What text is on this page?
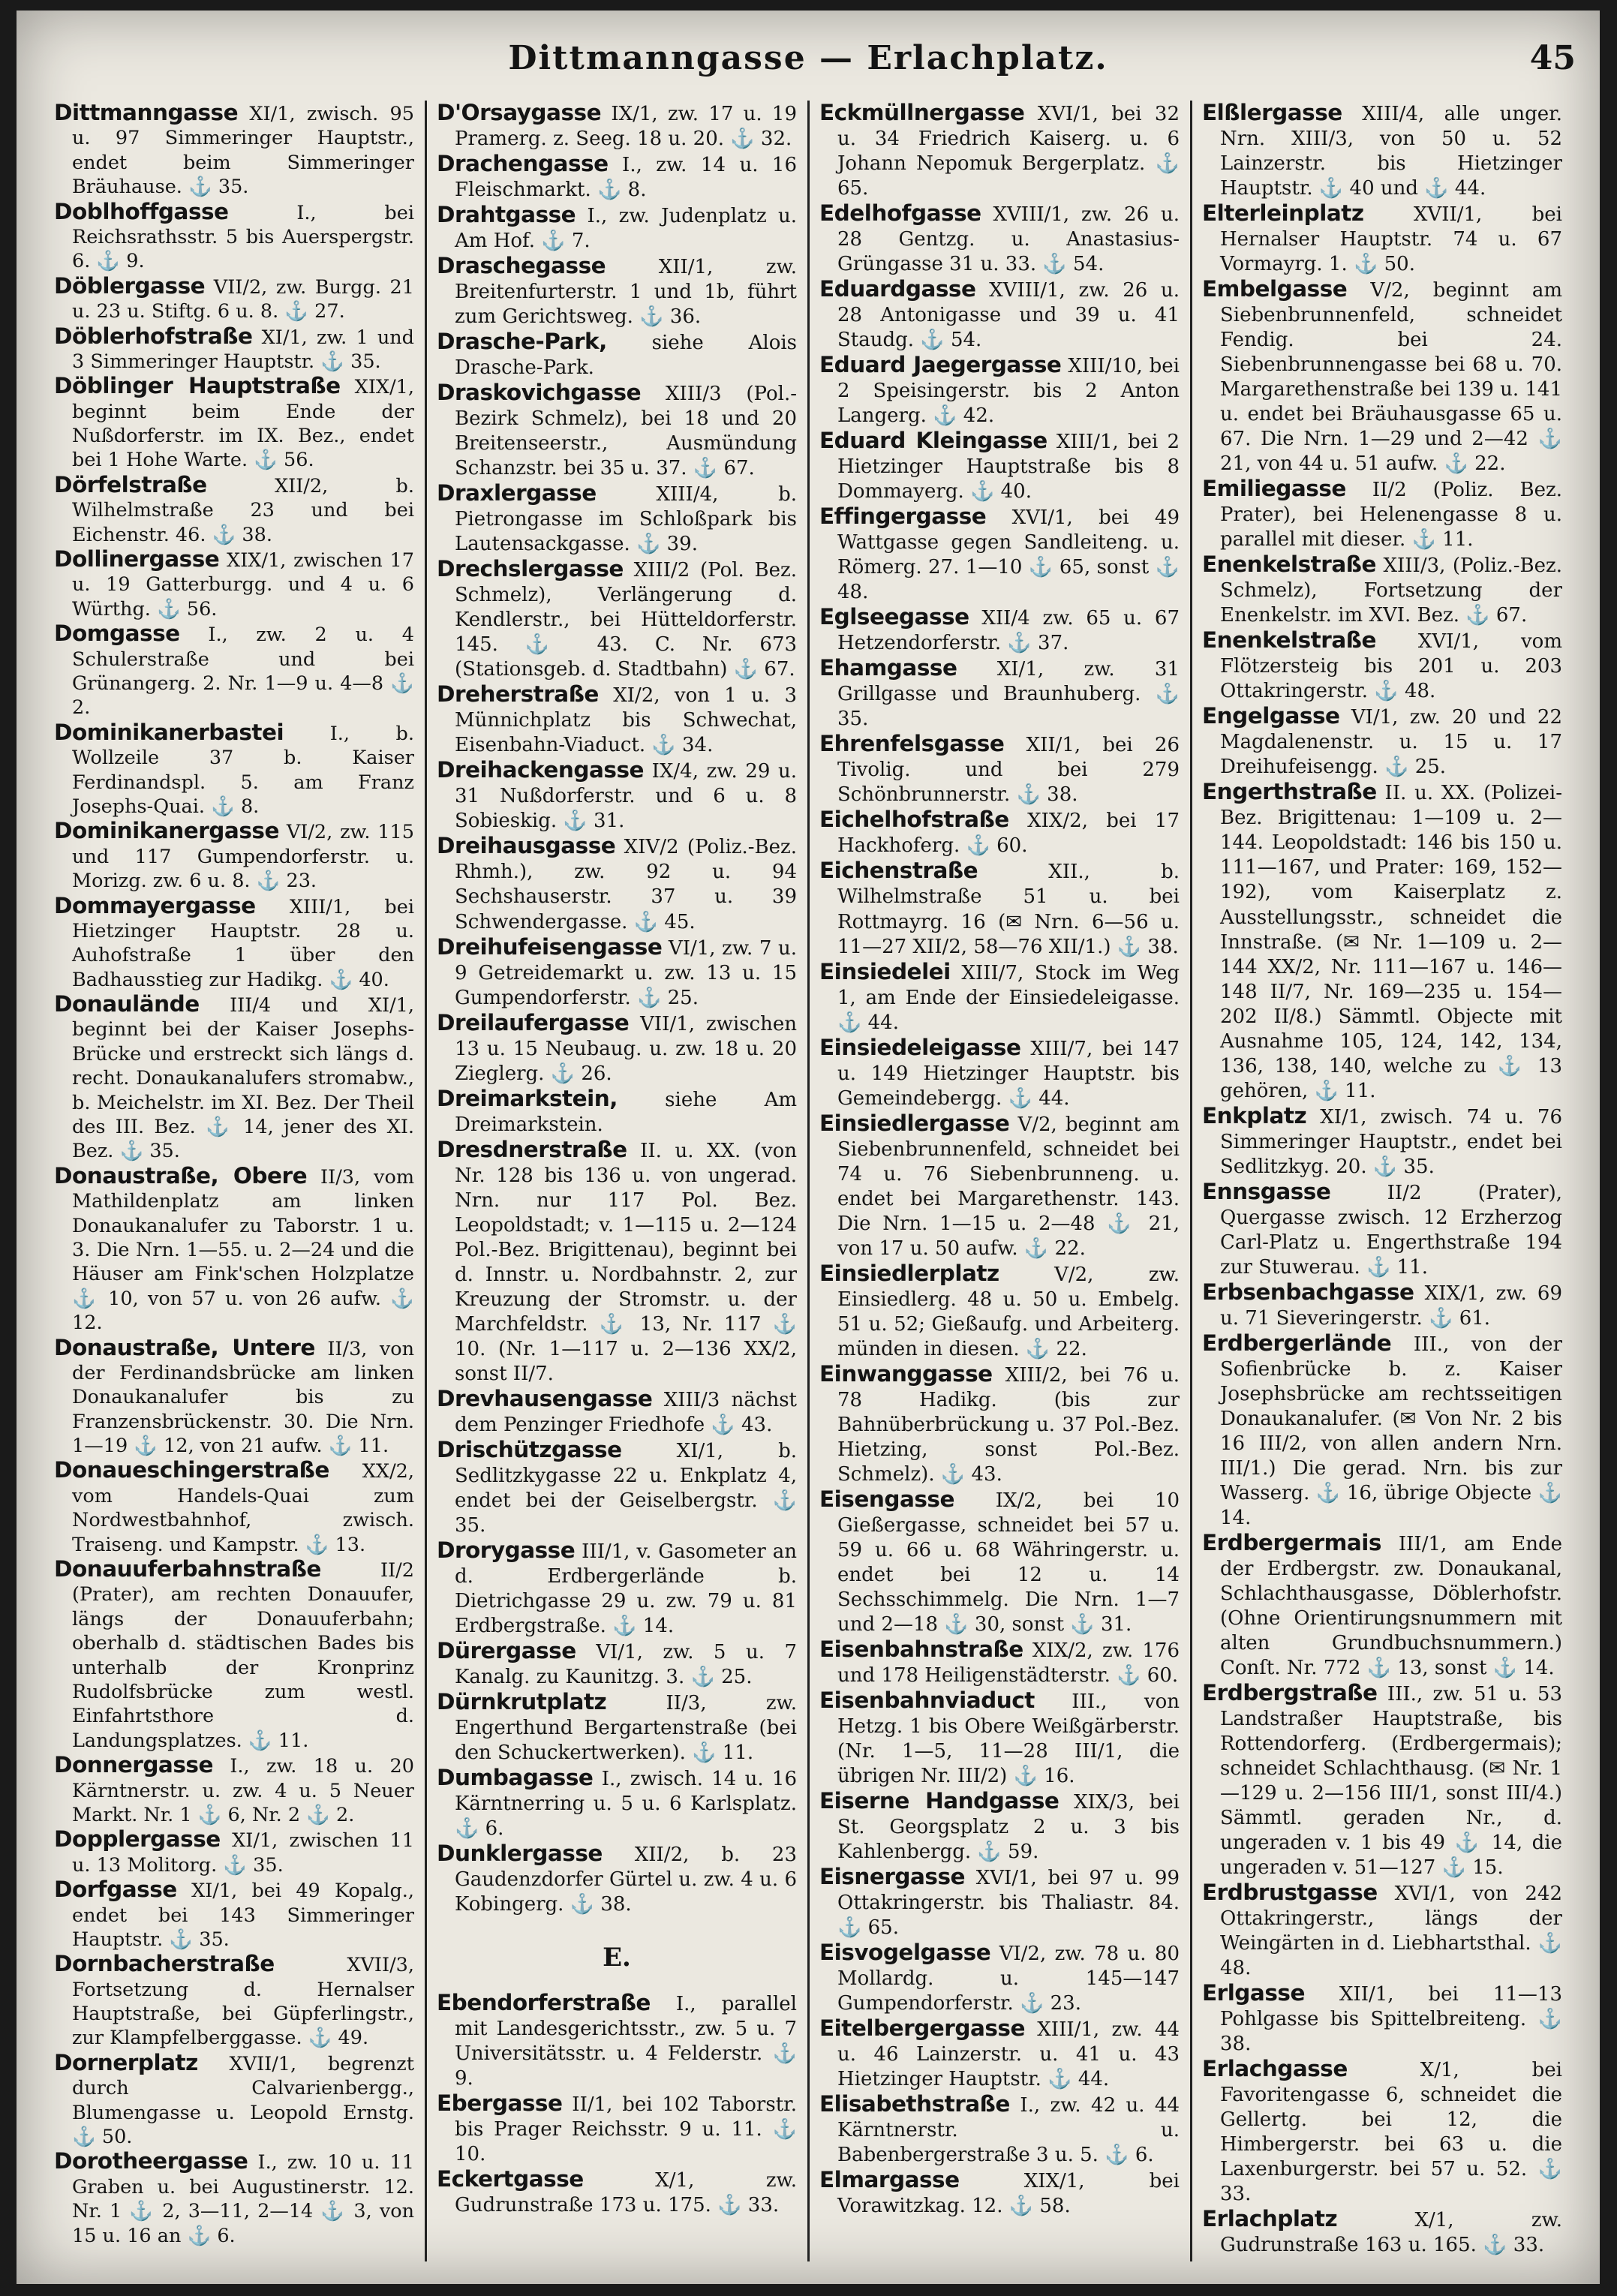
Dittmanngasse — Erlachplatz.	45

Dittmanngasse XI/1, zwisch. 95 u. 97 Simmeringer Hauptstr., endet beim Simmeringer Bräuhause. ⚓ 35.

Doblhoffgasse I., bei Reichsrathsstr. 5 bis Auerspergstr. 6. ⚓ 9.

Döblergasse VII/2, zw. Burgg. 21 u. 23 u. Stiftg. 6 u. 8. ⚓ 27.

Döblerhofstraße XI/1, zw. 1 und 3 Simmeringer Hauptstr. ⚓ 35.

Döblinger Hauptstraße XIX/1, beginnt beim Ende der Nußdorferstr. im IX. Bez., endet bei 1 Hohe Warte. ⚓ 56.

Dörfelstraße XII/2, b. Wilhelmstraße 23 und bei Eichenstr. 46. ⚓ 38.

Dollinergasse XIX/1, zwischen 17 u. 19 Gatterburgg. und 4 u. 6 Würthg. ⚓ 56.

Domgasse I., zw. 2 u. 4 Schulerstraße und bei Grünangerg. 2. Nr. 1—9 u. 4—8 ⚓ 2.

Dominikanerbastei I., b. Wollzeile 37 b. Kaiser Ferdinandspl. 5. am Franz Josephs-Quai. ⚓ 8.

Dominikanergasse VI/2, zw. 115 und 117 Gumpendorferstr. u. Morizg. zw. 6 u. 8. ⚓ 23.

Dommayergasse XIII/1, bei Hietzinger Hauptstr. 28 u. Auhofstraße 1 über den Badhausstieg zur Hadikg. ⚓ 40.

Donaulände III/4 und XI/1, beginnt bei der Kaiser Josephs-Brücke und erstreckt sich längs d. recht. Donaukanalufers stromabw., b. Meichelstr. im XI. Bez. Der Theil des III. Bez. ⚓ 14, jener des XI. Bez. ⚓ 35.

Donaustraße, Obere II/3, vom Mathildenplatz am linken Donaukanalufer zu Taborstr. 1 u. 3. Die Nrn. 1—55. u. 2—24 und die Häuser am Fink'schen Holzplatze ⚓ 10, von 57 u. von 26 aufw. ⚓ 12.

Donaustraße, Untere II/3, von der Ferdinandsbrücke am linken Donaukanalufer bis zu Franzensbrückenstr. 30. Die Nrn. 1—19 ⚓ 12, von 21 aufw. ⚓ 11.

Donaueschingerstraße XX/2, vom Handels-Quai zum Nordwestbahnhof, zwisch. Traiseng. und Kampstr. ⚓ 13.

Donauuferbahnstraße II/2 (Prater), am rechten Donauufer, längs der Donauuferbahn; oberhalb d. städtischen Bades bis unterhalb der Kronprinz Rudolfsbrücke zum westl. Einfahrtsthore d. Landungsplatzes. ⚓ 11.

Donnergasse I., zw. 18 u. 20 Kärntnerstr. u. zw. 4 u. 5 Neuer Markt. Nr. 1 ⚓ 6, Nr. 2 ⚓ 2.

Dopplergasse XI/1, zwischen 11 u. 13 Molitorg. ⚓ 35.

Dorfgasse XI/1, bei 49 Kopalg., endet bei 143 Simmeringer Hauptstr. ⚓ 35.

Dornbacherstraße XVII/3, Fortsetzung d. Hernalser Hauptstraße, bei Güpferlingstr., zur Klampfelberggasse. ⚓ 49.

Dornerplatz XVII/1, begrenzt durch Calvarienbergg., Blumengasse u. Leopold Ernstg. ⚓ 50.

Dorotheergasse I., zw. 10 u. 11 Graben u. bei Augustinerstr. 12. Nr. 1 ⚓ 2, 3—11, 2—14 ⚓ 3, von 15 u. 16 an ⚓ 6.

D'Orsaygasse IX/1, zw. 17 u. 19 Pramerg. z. Seeg. 18 u. 20. ⚓ 32.

Drachengasse I., zw. 14 u. 16 Fleischmarkt. ⚓ 8.

Drahtgasse I., zw. Judenplatz u. Am Hof. ⚓ 7.

Draschegasse XII/1, zw. Breitenfurterstr. 1 und 1b, führt zum Gerichtsweg. ⚓ 36.

Drasche-Park, siehe Alois Drasche-Park.

Draskovichgasse XIII/3 (Pol.-Bezirk Schmelz), bei 18 und 20 Breitenseerstr., Ausmündung Schanzstr. bei 35 u. 37. ⚓ 67.

Draxlergasse XIII/4, b. Pietrongasse im Schloßpark bis Lautensackgasse. ⚓ 39.

Drechslergasse XIII/2 (Pol. Bez. Schmelz), Verlängerung d. Kendlerstr., bei Hütteldorferstr. 145. ⚓ 43. C. Nr. 673 (Stationsgeb. d. Stadtbahn) ⚓ 67.

Dreherstraße XI/2, von 1 u. 3 Münnichplatz bis Schwechat, Eisenbahn-Viaduct. ⚓ 34.

Dreihackengasse IX/4, zw. 29 u. 31 Nußdorferstr. und 6 u. 8 Sobieskig. ⚓ 31.

Dreihausgasse XIV/2 (Poliz.-Bez. Rhmh.), zw. 92 u. 94 Sechshauserstr. 37 u. 39 Schwendergasse. ⚓ 45.

Dreihufeisengasse VI/1, zw. 7 u. 9 Getreidemarkt u. zw. 13 u. 15 Gumpendorferstr. ⚓ 25.

Dreilaufergasse VII/1, zwischen 13 u. 15 Neubaug. u. zw. 18 u. 20 Zieglerg. ⚓ 26.

Dreimarkstein, siehe Am Dreimarkstein.

Dresdnerstraße II. u. XX. (von Nr. 128 bis 136 u. von ungerad. Nrn. nur 117 Pol. Bez. Leopoldstadt; v. 1—115 u. 2—124 Pol.-Bez. Brigittenau), beginnt bei d. Innstr. u. Nordbahnstr. 2, zur Kreuzung der Stromstr. u. der Marchfeldstr. ⚓ 13, Nr. 117 ⚓ 10. (Nr. 1—117 u. 2—136 XX/2, sonst II/7.

Drevhausengasse XIII/3 nächst dem Penzinger Friedhofe ⚓ 43.

Drischützgasse XI/1, b. Sedlitzkygasse 22 u. Enkplatz 4, endet bei der Geiselbergstr. ⚓ 35.

Drorygasse III/1, v. Gasometer an d. Erdbergerlände b. Dietrichgasse 29 u. zw. 79 u. 81 Erdbergstraße. ⚓ 14.

Dürergasse VI/1, zw. 5 u. 7 Kanalg. zu Kaunitzg. 3. ⚓ 25.

Dürnkrutplatz II/3, zw. Engerthund Bergartenstraße (bei den Schuckertwerken). ⚓ 11.

Dumbagasse I., zwisch. 14 u. 16 Kärntnerring u. 5 u. 6 Karlsplatz. ⚓ 6.

Dunklergasse XII/2, b. 23 Gaudenzdorfer Gürtel u. zw. 4 u. 6 Kobingerg. ⚓ 38.

E.

Ebendorferstraße I., parallel mit Landesgerichtsstr., zw. 5 u. 7 Universitätsstr. u. 4 Felderstr. ⚓ 9.

Ebergasse II/1, bei 102 Taborstr. bis Prager Reichsstr. 9 u. 11. ⚓ 10.

Eckertgasse X/1, zw. Gudrunstraße 173 u. 175. ⚓ 33.

Eckmüllnergasse XVI/1, bei 32 u. 34 Friedrich Kaiserg. u. 6 Johann Nepomuk Bergerplatz. ⚓ 65.

Edelhofgasse XVIII/1, zw. 26 u. 28 Gentzg. u. Anastasius-Grüngasse 31 u. 33. ⚓ 54.

Eduardgasse XVIII/1, zw. 26 u. 28 Antonigasse und 39 u. 41 Staudg. ⚓ 54.

Eduard Jaegergasse XIII/10, bei 2 Speisingerstr. bis 2 Anton Langerg. ⚓ 42.

Eduard Kleingasse XIII/1, bei 2 Hietzinger Hauptstraße bis 8 Dommayerg. ⚓ 40.

Effingergasse XVI/1, bei 49 Wattgasse gegen Sandleiteng. u. Römerg. 27. 1—10 ⚓ 65, sonst ⚓ 48.

Eglseegasse XII/4 zw. 65 u. 67 Hetzendorferstr. ⚓ 37.

Ehamgasse XI/1, zw. 31 Grillgasse und Braunhuberg. ⚓ 35.

Ehrenfelsgasse XII/1, bei 26 Tivolig. und bei 279 Schönbrunnerstr. ⚓ 38.

Eichelhofstraße XIX/2, bei 17 Hackhoferg. ⚓ 60.

Eichenstraße XII., b. Wilhelmstraße 51 u. bei Rottmayrg. 16 (✉ Nrn. 6—56 u. 11—27 XII/2, 58—76 XII/1.) ⚓ 38.

Einsiedelei XIII/7, Stock im Weg 1, am Ende der Einsiedeleigasse. ⚓ 44.

Einsiedeleigasse XIII/7, bei 147 u. 149 Hietzinger Hauptstr. bis Gemeindebergg. ⚓ 44.

Einsiedlergasse V/2, beginnt am Siebenbrunnenfeld, schneidet bei 74 u. 76 Siebenbrunneng. u. endet bei Margarethenstr. 143. Die Nrn. 1—15 u. 2—48 ⚓ 21, von 17 u. 50 aufw. ⚓ 22.

Einsiedlerplatz V/2, zw. Einsiedlerg. 48 u. 50 u. Embelg. 51 u. 52; Gießaufg. und Arbeiterg. münden in diesen. ⚓ 22.

Einwanggasse XIII/2, bei 76 u. 78 Hadikg. (bis zur Bahnüberbrückung u. 37 Pol.-Bez. Hietzing, sonst Pol.-Bez. Schmelz). ⚓ 43.

Eisengasse IX/2, bei 10 Gießergasse, schneidet bei 57 u. 59 u. 66 u. 68 Währingerstr. u. endet bei 12 u. 14 Sechsschimmelg. Die Nrn. 1—7 und 2—18 ⚓ 30, sonst ⚓ 31.

Eisenbahnstraße XIX/2, zw. 176 und 178 Heiligenstädterstr. ⚓ 60.

Eisenbahnviaduct III., von Hetzg. 1 bis Obere Weißgärberstr. (Nr. 1—5, 11—28 III/1, die übrigen Nr. III/2) ⚓ 16.

Eiserne Handgasse XIX/3, bei St. Georgsplatz 2 u. 3 bis Kahlenbergg. ⚓ 59.

Eisnergasse XVI/1, bei 97 u. 99 Ottakringerstr. bis Thaliastr. 84. ⚓ 65.

Eisvogelgasse VI/2, zw. 78 u. 80 Mollardg. u. 145—147 Gumpendorferstr. ⚓ 23.

Eitelbergergasse XIII/1, zw. 44 u. 46 Lainzerstr. u. 41 u. 43 Hietzinger Hauptstr. ⚓ 44.

Elisabethstraße I., zw. 42 u. 44 Kärntnerstr. u. Babenbergerstraße 3 u. 5. ⚓ 6.

Elmargasse XIX/1, bei Vorawitzkag. 12. ⚓ 58.

Elßlergasse XIII/4, alle unger. Nrn. XIII/3, von 50 u. 52 Lainzerstr. bis Hietzinger Hauptstr. ⚓ 40 und ⚓ 44.

Elterleinplatz XVII/1, bei Hernalser Hauptstr. 74 u. 67 Vormayrg. 1. ⚓ 50.

Embelgasse V/2, beginnt am Siebenbrunnenfeld, schneidet Fendig. bei 24. Siebenbrunnengasse bei 68 u. 70. Margarethenstraße bei 139 u. 141 u. endet bei Bräuhausgasse 65 u. 67. Die Nrn. 1—29 und 2—42 ⚓ 21, von 44 u. 51 aufw. ⚓ 22.

Emiliegasse II/2 (Poliz. Bez. Prater), bei Helenengasse 8 u. parallel mit dieser. ⚓ 11.

Enenkelstraße XIII/3, (Poliz.-Bez. Schmelz), Fortsetzung der Enenkelstr. im XVI. Bez. ⚓ 67.

Enenkelstraße XVI/1, vom Flötzersteig bis 201 u. 203 Ottakringerstr. ⚓ 48.

Engelgasse VI/1, zw. 20 und 22 Magdalenenstr. u. 15 u. 17 Dreihufeisengg. ⚓ 25.

Engerthstraße II. u. XX. (Polizei-Bez. Brigittenau: 1—109 u. 2—144. Leopoldstadt: 146 bis 150 u. 111—167, und Prater: 169, 152—192), vom Kaiserplatz z. Ausstellungsstr., schneidet die Innstraße. (✉ Nr. 1—109 u. 2—144 XX/2, Nr. 111—167 u. 146—148 II/7, Nr. 169—235 u. 154—202 II/8.) Sämmtl. Objecte mit Ausnahme 105, 124, 142, 134, 136, 138, 140, welche zu ⚓ 13 gehören, ⚓ 11.

Enkplatz XI/1, zwisch. 74 u. 76 Simmeringer Hauptstr., endet bei Sedlitzkyg. 20. ⚓ 35.

Ennsgasse II/2 (Prater), Quergasse zwisch. 12 Erzherzog Carl-Platz u. Engerthstraße 194 zur Stuwerau. ⚓ 11.

Erbsenbachgasse XIX/1, zw. 69 u. 71 Sieveringerstr. ⚓ 61.

Erdbergerlände III., von der Sofienbrücke b. z. Kaiser Josephsbrücke am rechtsseitigen Donaukanalufer. (✉ Von Nr. 2 bis 16 III/2, von allen andern Nrn. III/1.) Die gerad. Nrn. bis zur Wasserg. ⚓ 16, übrige Objecte ⚓ 14.

Erdbergermais III/1, am Ende der Erdbergstr. zw. Donaukanal, Schlachthausgasse, Döblerhofstr. (Ohne Orientirungsnummern mit alten Grundbuchsnummern.) Conſt. Nr. 772 ⚓ 13, sonst ⚓ 14.

Erdbergstraße III., zw. 51 u. 53 Landstraßer Hauptstraße, bis Rottendorferg. (Erdbergermais); schneidet Schlachthausg. (✉ Nr. 1—129 u. 2—156 III/1, sonst III/4.) Sämmtl. geraden Nr., d. ungeraden v. 1 bis 49 ⚓ 14, die ungeraden v. 51—127 ⚓ 15.

Erdbrustgasse XVI/1, von 242 Ottakringerstr., längs der Weingärten in d. Liebhartsthal. ⚓ 48.

Erlgasse XII/1, bei 11—13 Pohlgasse bis Spittelbreiteng. ⚓ 38.

Erlachgasse X/1, bei Favoritengasse 6, schneidet die Gellertg. bei 12, die Himbergerstr. bei 63 u. die Laxenburgerstr. bei 57 u. 52. ⚓ 33.

Erlachplatz X/1, zw. Gudrunstraße 163 u. 165. ⚓ 33.
